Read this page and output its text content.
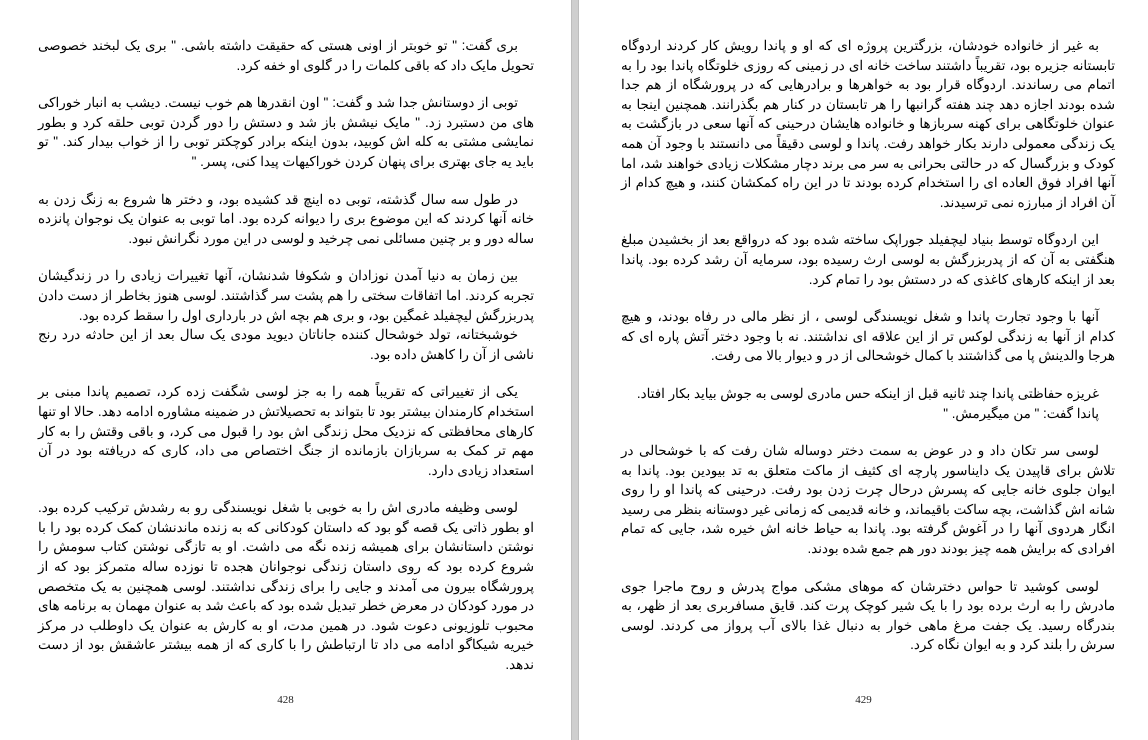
بری گفت: " تو خوبتر از اونی هستی که حقیقت داشته باشی. " بری یک لبخند خصوصی تحویل مایک داد که باقی کلمات را در گلوی او خفه کرد.

توبی از دوستانش جدا شد و گفت: " اون انقدرها هم خوب نیست. دیشب به انبار خوراکی های من دستبرد زد. " مایک نیشش باز شد و دستش را دور گردن توبی حلقه کرد و بطور نمایشی مشتی به کله اش کوبید، بدون اینکه برادر کوچکتر توبی را از خواب بیدار کند. " تو باید یه جای بهتری برای پنهان کردن خوراکیهات پیدا کنی، پسر. "

در طول سه سال گذشته، توبی ده اینچ قد کشیده بود، و دختر ها شروع به زنگ زدن به خانه آنها کردند که این موضوع بری را دیوانه کرده بود. اما توبی به عنوان یک نوجوان پانزده ساله دور و بر چنین مسائلی نمی چرخید و لوسی در این مورد نگرانش نبود.

بین زمان به دنیا آمدن نوزادان و شکوفا شدنشان، آنها تغییرات زیادی را در زندگیشان تجربه کردند. اما اتفاقات سختی را هم پشت سر گذاشتند. لوسی هنوز بخاطر از دست دادن پدربزرگش لیچفیلد غمگین بود، و بری هم بچه اش در بارداری اول را سقط کرده بود.

خوشبختانه، تولد خوشحال کننده جاناتان دیوید مودی یک سال بعد از این حادثه درد رنج ناشی از آن را کاهش داده بود.

یکی از تغییراتی که تقریباً همه را به جز لوسی شگفت زده کرد، تصمیم پاندا مبنی بر استخدام کارمندان بیشتر بود تا بتواند به تحصیلاتش در ضمینه مشاوره ادامه دهد. حالا او تنها کارهای محافظتی که نزدیک محل زندگی اش بود را قبول می کرد، و باقی وقتش را به کار مهم تر کمک به سربازان بازمانده از جنگ اختصاص می داد، کاری که دریافته بود در آن استعداد زیادی دارد.

لوسی وظیفه مادری اش را به خوبی با شغل نویسندگی رو به رشدش ترکیب کرده بود. او بطور ذاتی یک قصه گو بود که داستان کودکانی که به زنده ماندنشان کمک کرده بود را با نوشتن داستانشان برای همیشه زنده نگه می داشت. او به تازگی نوشتن کتاب سومش را شروع کرده بود که روی داستان زندگی نوجوانان هجده تا نوزده ساله متمرکز بود که از پرورشگاه بیرون می آمدند و جایی را برای زندگی نداشتند. لوسی همچنین به یک متخصص در مورد کودکان در معرض خطر تبدیل شده بود که باعث شد به عنوان مهمان به برنامه های محبوب تلوزیونی دعوت شود. در همین مدت، او به کارش به عنوان یک داوطلب در مرکز خیریه شیکاگو ادامه می داد تا ارتباطش را با کاری که از همه بیشتر عاشقش بود از دست ندهد.

428

به غیر از خانواده خودشان، بزرگترین پروژه ای که او و پاندا رویش کار کردند اردوگاه تابستانه جزیره بود، تقریباً داشتند ساخت خانه ای در زمینی که روزی خلوتگاه پاندا بود را به اتمام می رساندند. اردوگاه قرار بود به خواهرها و برادرهایی که در پرورشگاه از هم جدا شده بودند اجازه دهد چند هفته گرانبها را هر تابستان در کنار هم بگذرانند. همچنین اینجا به عنوان خلوتگاهی برای کهنه سربازها و خانواده هایشان درحینی که آنها سعی در بازگشت به یک زندگی معمولی دارند بکار خواهد رفت. پاندا و لوسی دقیقاً می دانستند با وجود آن همه کودک و بزرگسال که در حالتی بحرانی به سر می برند دچار مشکلات زیادی خواهند شد، اما آنها افراد فوق العاده ای را استخدام کرده بودند تا در این راه کمکشان کنند، و هیچ کدام از آن افراد از مبارزه نمی ترسیدند.

این اردوگاه توسط بنیاد لیچفیلد جوراپک ساخته شده بود که درواقع بعد از بخشیدن مبلغ هنگفتی به آن که از پدربزرگش به لوسی ارث رسیده بود، سرمایه آن رشد کرده بود. پاندا بعد از اینکه کارهای کاغذی که در دستش بود را تمام کرد.

آنها با وجود تجارت پاندا و شغل نویسندگی لوسی ، از نظر مالی در رفاه بودند، و هیچ کدام از آنها به زندگی لوکس تر از این علاقه ای نداشتند. نه با وجود دختر آتش پاره ای که هرجا والدینش پا می گذاشتند با کمال خوشحالی از در و دیوار بالا می رفت.

غریزه حفاظتی پاندا چند ثانیه قبل از اینکه حس مادری لوسی به جوش بیاید بکار افتاد.

پاندا گفت: " من میگیرمش. "

لوسی سر تکان داد و در عوض به سمت دختر دوساله شان رفت که با خوشحالی در تلاش برای قاپیدن یک دایناسور پارچه ای کثیف از ماکت متعلق به تد بیودین بود. پاندا به ایوان جلوی خانه جایی که پسرش درحال چرت زدن بود رفت. درحینی که پاندا او را روی شانه اش گذاشت، بچه ساکت باقیماند، و خانه قدیمی که زمانی غیر دوستانه بنظر می رسید انگار هردوی آنها را در آغوش گرفته بود. پاندا به حیاط خانه اش خیره شد، جایی که تمام افرادی که برایش همه چیز بودند دور هم جمع شده بودند.

لوسی کوشید تا حواس دخترشان که موهای مشکی مواج پدرش و روح ماجرا جوی مادرش را به ارث برده بود را با یک شیر کوچک پرت کند. قایق مسافربری بعد از ظهر، به بندرگاه رسید. یک جفت مرغ ماهی خوار به دنبال غذا بالای آب پرواز می کردند. لوسی سرش را بلند کرد و به ایوان نگاه کرد.

429
